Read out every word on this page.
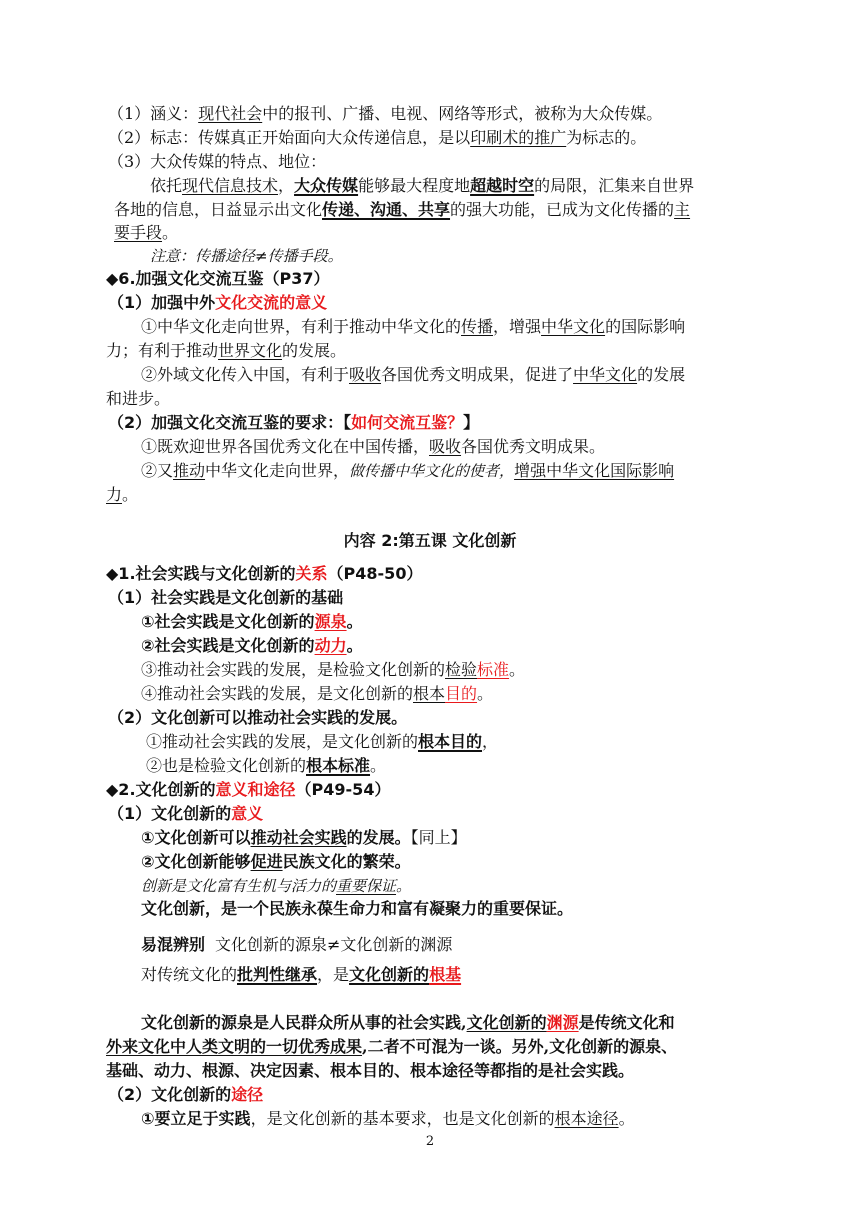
（1）涵义：现代社会中的报刊、广播、电视、网络等形式，被称为大众传媒。
（2）标志：传媒真正开始面向大众传递信息，是以印刷术的推广为标志的。
（3）大众传媒的特点、地位：
依托现代信息技术，大众传媒能够最大程度地超越时空的局限，汇集来自世界
各地的信息，日益显示出文化传递、沟通、共享的强大功能，已成为文化传播的主
要手段。
注意：传播途径≠传播手段。
◆6.加强文化交流互鉴（P37）
（1）加强中外文化交流的意义
①中华文化走向世界，有利于推动中华文化的传播，增强中华文化的国际影响
力；有利于推动世界文化的发展。
②外域文化传入中国，有利于吸收各国优秀文明成果，促进了中华文化的发展
和进步。
（2）加强文化交流互鉴的要求：【如何交流互鉴？】
①既欢迎世界各国优秀文化在中国传播，吸收各国优秀文明成果。
②又推动中华文化走向世界，做传播中华文化的使者，增强中华文化国际影响
力。
内容 2:第五课 文化创新
◆1.社会实践与文化创新的关系（P48-50）
（1）社会实践是文化创新的基础
①社会实践是文化创新的源泉。
②社会实践是文化创新的动力。
③推动社会实践的发展，是检验文化创新的检验标准。
④推动社会实践的发展，是文化创新的根本目的。
（2）文化创新可以推动社会实践的发展。
①推动社会实践的发展，是文化创新的根本目的，
②也是检验文化创新的根本标准。
◆2.文化创新的意义和途径（P49-54）
（1）文化创新的意义
①文化创新可以推动社会实践的发展。【同上】
②文化创新能够促进民族文化的繁荣。
创新是文化富有生机与活力的重要保证。
文化创新，是一个民族永葆生命力和富有凝聚力的重要保证。
易混辨别 文化创新的源泉≠文化创新的渊源
对传统文化的批判性继承，是文化创新的根基
文化创新的源泉是人民群众所从事的社会实践,文化创新的渊源是传统文化和
外来文化中人类文明的一切优秀成果,二者不可混为一谈。另外,文化创新的源泉、
基础、动力、根源、决定因素、根本目的、根本途径等都指的是社会实践。
（2）文化创新的途径
①要立足于实践，是文化创新的基本要求，也是文化创新的根本途径。
2
